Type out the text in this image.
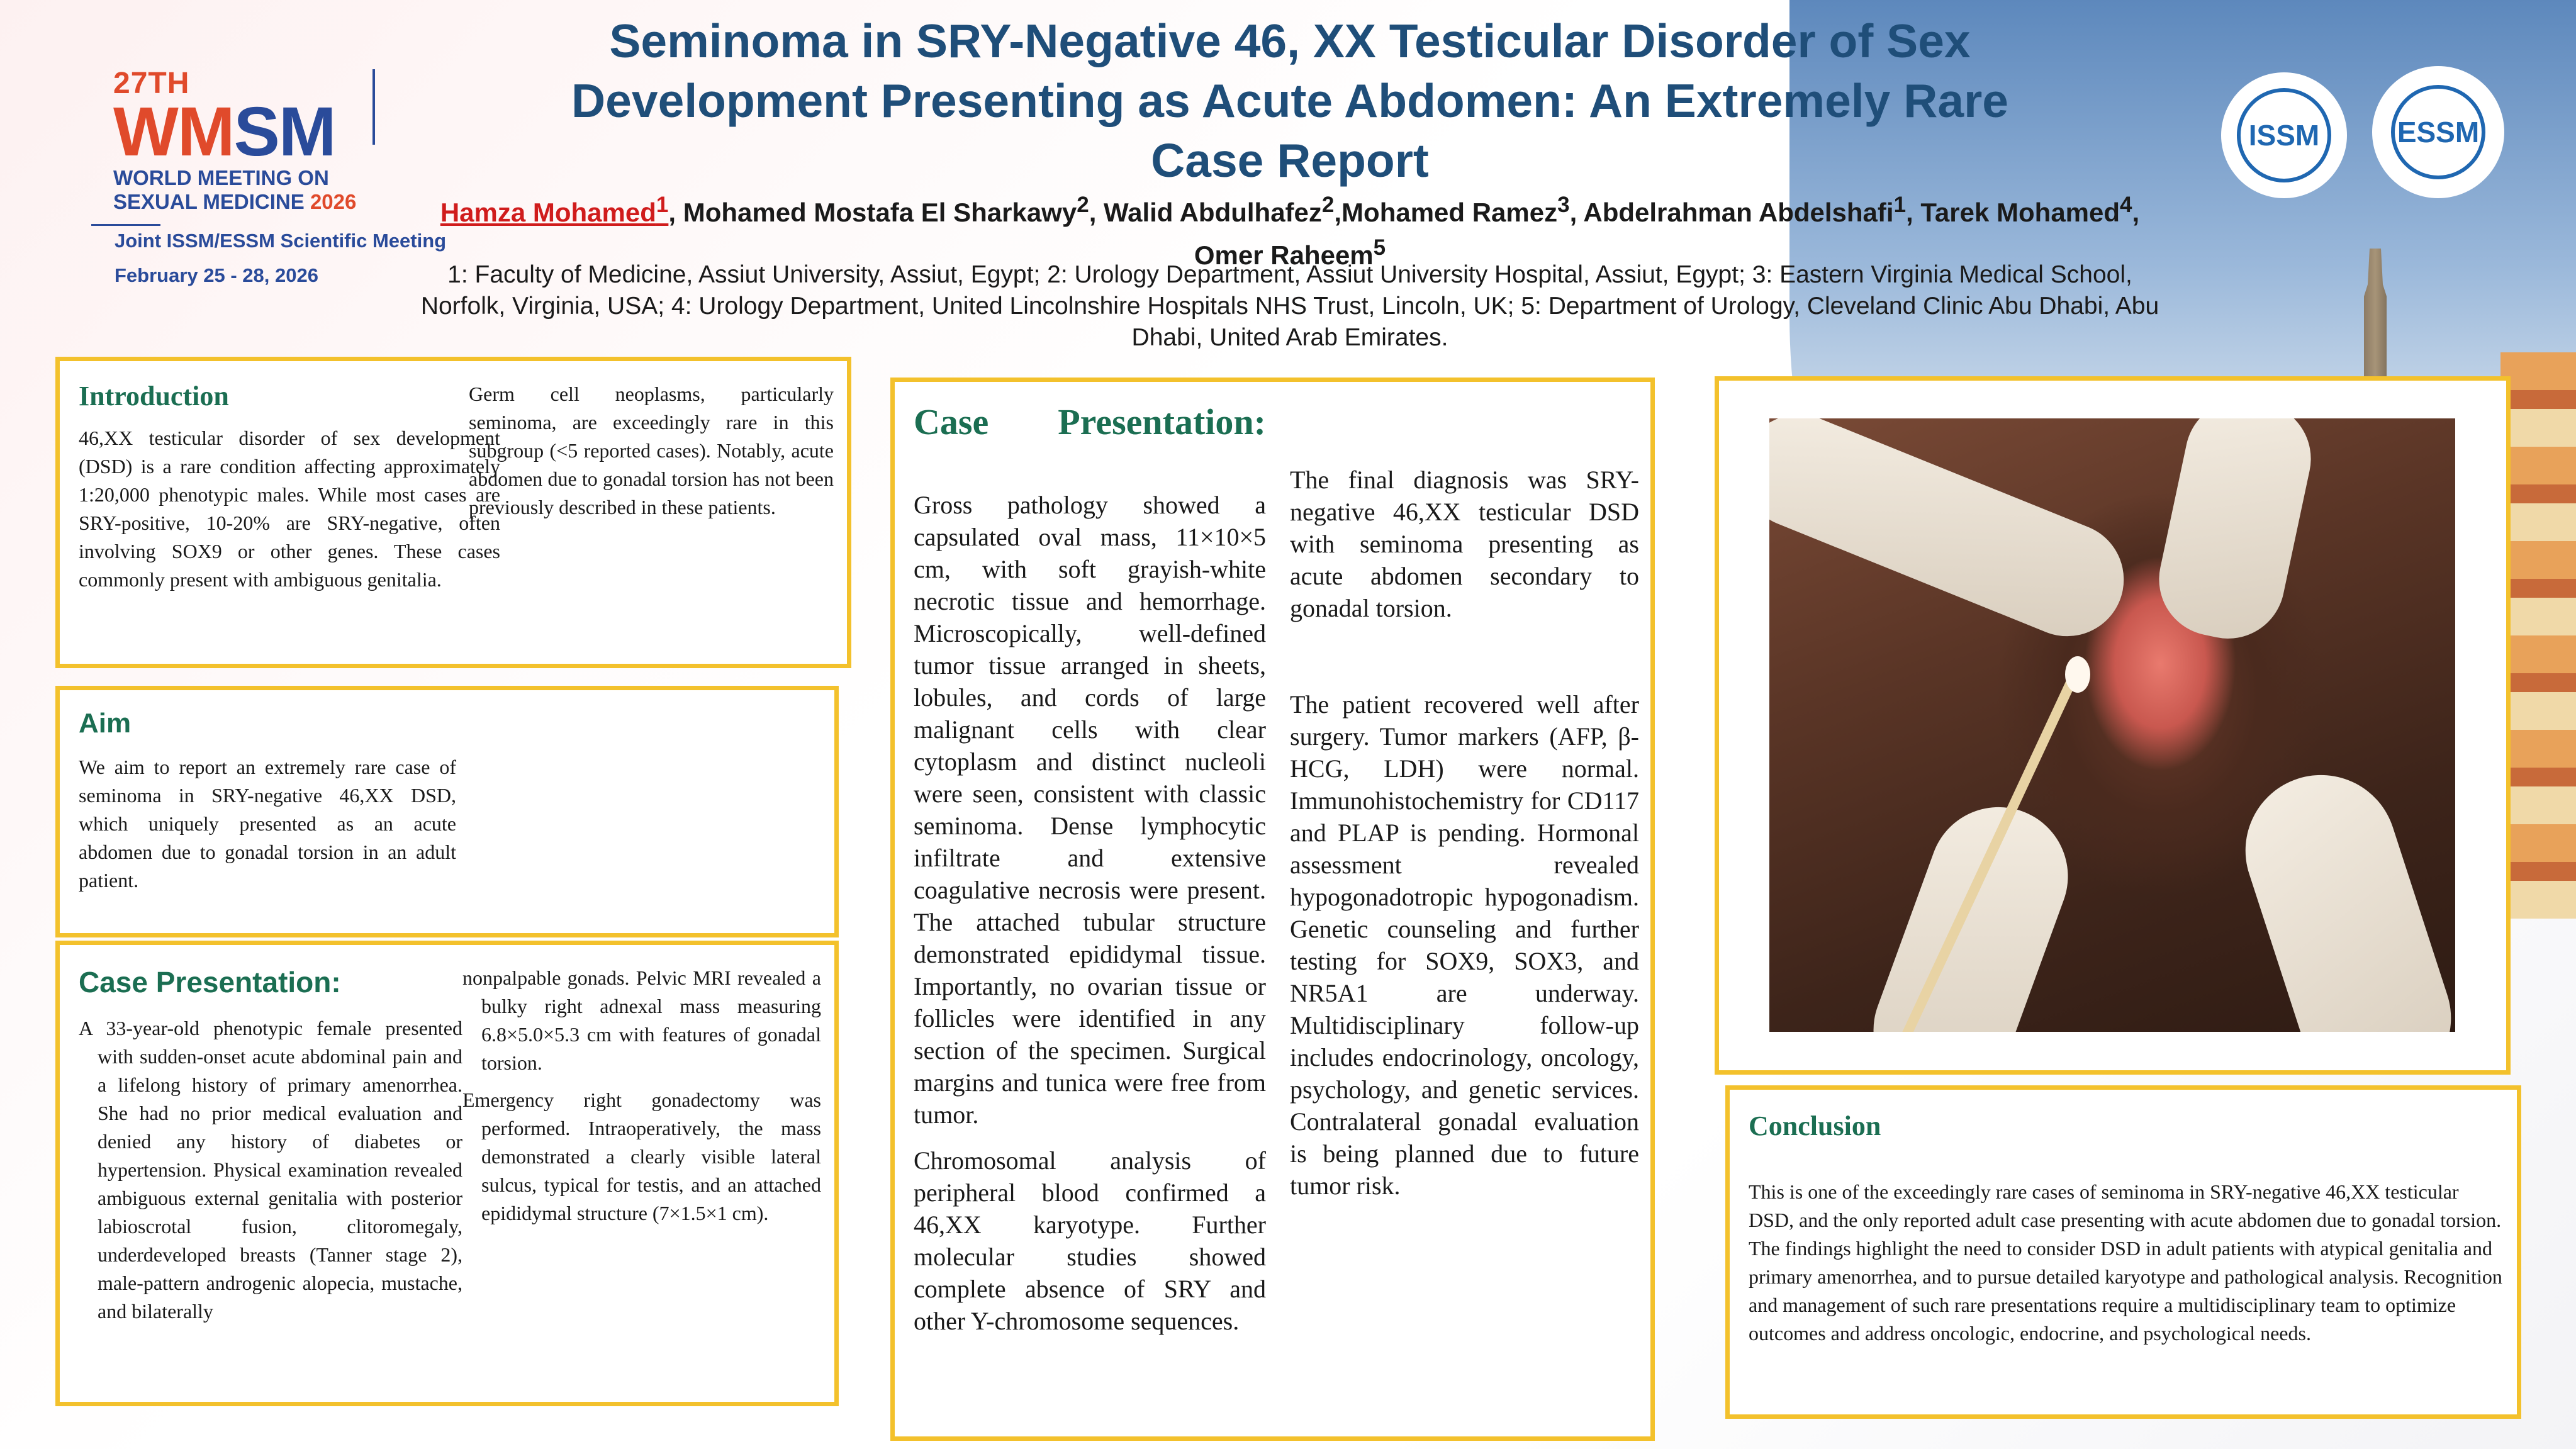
27TH
WMSM
WORLD MEETING ON
SEXUAL MEDICINE 2026
Joint ISSM/ESSM Scientific Meeting
February 25 - 28, 2026
ISSM	ESSM
Seminoma in SRY-Negative 46, XX Testicular Disorder of Sex
Development Presenting as Acute Abdomen: An Extremely Rare
Case Report
Hamza Mohamed$^1$, Mohamed Mostafa El Sharkawy$^2$, Walid Abdulhafez$^2$,Mohamed Ramez$^3$, Abdelrahman Abdelshafi$^1$, Tarek Mohamed$^4$, Omer Raheem$^5$
1: Faculty of Medicine, Assiut University, Assiut, Egypt; 2: Urology Department, Assiut University Hospital, Assiut, Egypt; 3: Eastern Virginia Medical School, Norfolk, Virginia, USA; 4: Urology Department, United Lincolnshire Hospitals NHS Trust, Lincoln, UK; 5: Department of Urology, Cleveland Clinic Abu Dhabi, Abu Dhabi, United Arab Emirates.
Introduction
46,XX testicular disorder of sex development (DSD) is a rare condition affecting approximately 1:20,000 phenotypic males. While most cases are SRY-positive, 10-20% are SRY-negative, often involving SOX9 or other genes. These cases commonly present with ambiguous genitalia.
Germ cell neoplasms, particularly seminoma, are exceedingly rare in this subgroup (<5 reported cases). Notably, acute abdomen due to gonadal torsion has not been previously described in these patients.
Aim
We aim to report an extremely rare case of seminoma in SRY-negative 46,XX DSD, which uniquely presented as an acute abdomen due to gonadal torsion in an adult patient.
Case Presentation:
A 33-year-old phenotypic female presented with sudden-onset acute abdominal pain and a lifelong history of primary amenorrhea. She had no prior medical evaluation and denied any history of diabetes or hypertension. Physical examination revealed ambiguous external genitalia with posterior labioscrotal fusion, clitoromegaly, underdeveloped breasts (Tanner stage 2), male-pattern androgenic alopecia, mustache, and bilaterally
nonpalpable gonads. Pelvic MRI revealed a bulky right adnexal mass measuring 6.8×5.0×5.3 cm with features of gonadal torsion.
Emergency right gonadectomy was performed. Intraoperatively, the mass demonstrated a clearly visible lateral sulcus, typical for testis, and an attached epididymal structure (7×1.5×1 cm).
Case Presentation:
Gross pathology showed a capsulated oval mass, 11×10×5 cm, with soft grayish-white necrotic tissue and hemorrhage. Microscopically, well-defined tumor tissue arranged in sheets, lobules, and cords of large malignant cells with clear cytoplasm and distinct nucleoli were seen, consistent with classic seminoma. Dense lymphocytic infiltrate and extensive coagulative necrosis were present. The attached tubular structure demonstrated epididymal tissue. Importantly, no ovarian tissue or follicles were identified in any section of the specimen. Surgical margins and tunica were free from tumor.
Chromosomal analysis of peripheral blood confirmed a 46,XX karyotype. Further molecular studies showed complete absence of SRY and other Y-chromosome sequences.
The final diagnosis was SRY-negative 46,XX testicular DSD with seminoma presenting as acute abdomen secondary to gonadal torsion.
The patient recovered well after surgery. Tumor markers (AFP, β-HCG, LDH) were normal. Immunohistochemistry for CD117 and PLAP is pending. Hormonal assessment revealed hypogonadotropic hypogonadism. Genetic counseling and further testing for SOX9, SOX3, and NR5A1 are underway. Multidisciplinary follow-up includes endocrinology, oncology, psychology, and genetic services. Contralateral gonadal evaluation is being planned due to future tumor risk.
Conclusion
This is one of the exceedingly rare cases of seminoma in SRY-negative 46,XX testicular DSD, and the only reported adult case presenting with acute abdomen due to gonadal torsion. The findings highlight the need to consider DSD in adult patients with atypical genitalia and primary amenorrhea, and to pursue detailed karyotype and pathological analysis. Recognition and management of such rare presentations require a multidisciplinary team to optimize outcomes and address oncologic, endocrine, and psychological needs.
